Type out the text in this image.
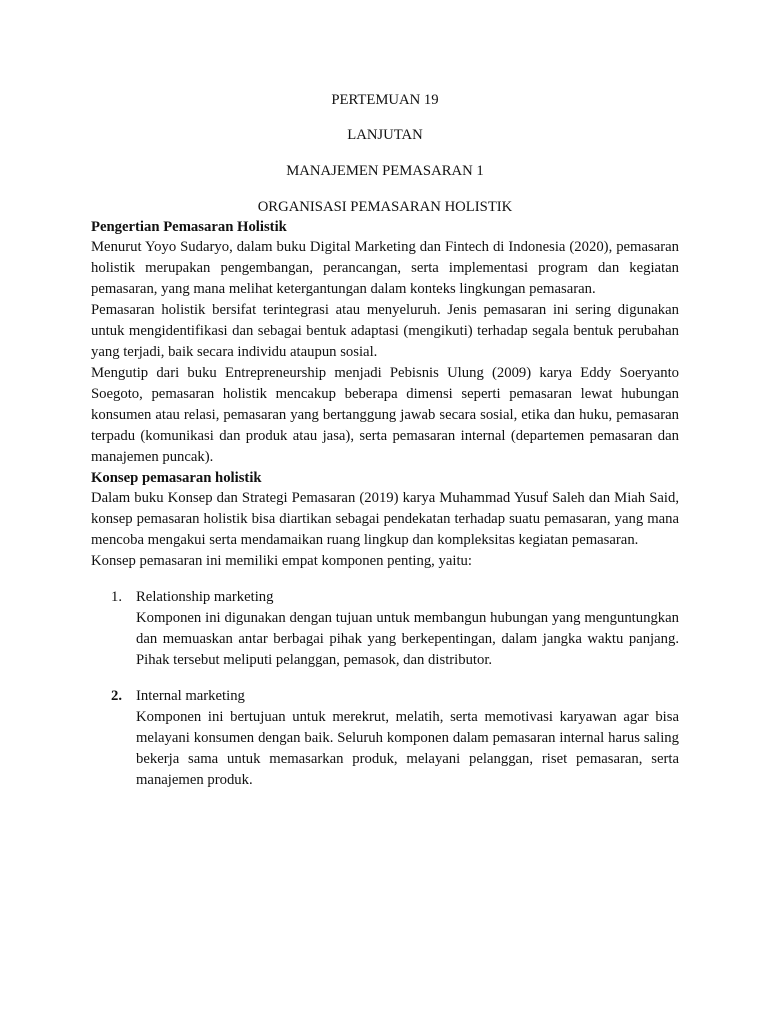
PERTEMUAN 19

LANJUTAN

MANAJEMEN PEMASARAN 1

ORGANISASI PEMASARAN HOLISTIK

Pengertian Pemasaran Holistik

Menurut Yoyo Sudaryo, dalam buku Digital Marketing dan Fintech di Indonesia (2020), pemasaran holistik merupakan pengembangan, perancangan, serta implementasi program dan kegiatan pemasaran, yang mana melihat ketergantungan dalam konteks lingkungan pemasaran.

Pemasaran holistik bersifat terintegrasi atau menyeluruh. Jenis pemasaran ini sering digunakan untuk mengidentifikasi dan sebagai bentuk adaptasi (mengikuti) terhadap segala bentuk perubahan yang terjadi, baik secara individu ataupun sosial.

Mengutip dari buku Entrepreneurship menjadi Pebisnis Ulung (2009) karya Eddy Soeryanto Soegoto, pemasaran holistik mencakup beberapa dimensi seperti pemasaran lewat hubungan konsumen atau relasi, pemasaran yang bertanggung jawab secara sosial, etika dan huku, pemasaran terpadu (komunikasi dan produk atau jasa), serta pemasaran internal (departemen pemasaran dan manajemen puncak).

Konsep pemasaran holistik

Dalam buku Konsep dan Strategi Pemasaran (2019) karya Muhammad Yusuf Saleh dan Miah Said, konsep pemasaran holistik bisa diartikan sebagai pendekatan terhadap suatu pemasaran, yang mana mencoba mengakui serta mendamaikan ruang lingkup dan kompleksitas kegiatan pemasaran.

Konsep pemasaran ini memiliki empat komponen penting, yaitu:

1. Relationship marketing
Komponen ini digunakan dengan tujuan untuk membangun hubungan yang menguntungkan dan memuaskan antar berbagai pihak yang berkepentingan, dalam jangka waktu panjang. Pihak tersebut meliputi pelanggan, pemasok, dan distributor.
2. Internal marketing
Komponen ini bertujuan untuk merekrut, melatih, serta memotivasi karyawan agar bisa melayani konsumen dengan baik. Seluruh komponen dalam pemasaran internal harus saling bekerja sama untuk memasarkan produk, melayani pelanggan, riset pemasaran, serta manajemen produk.
